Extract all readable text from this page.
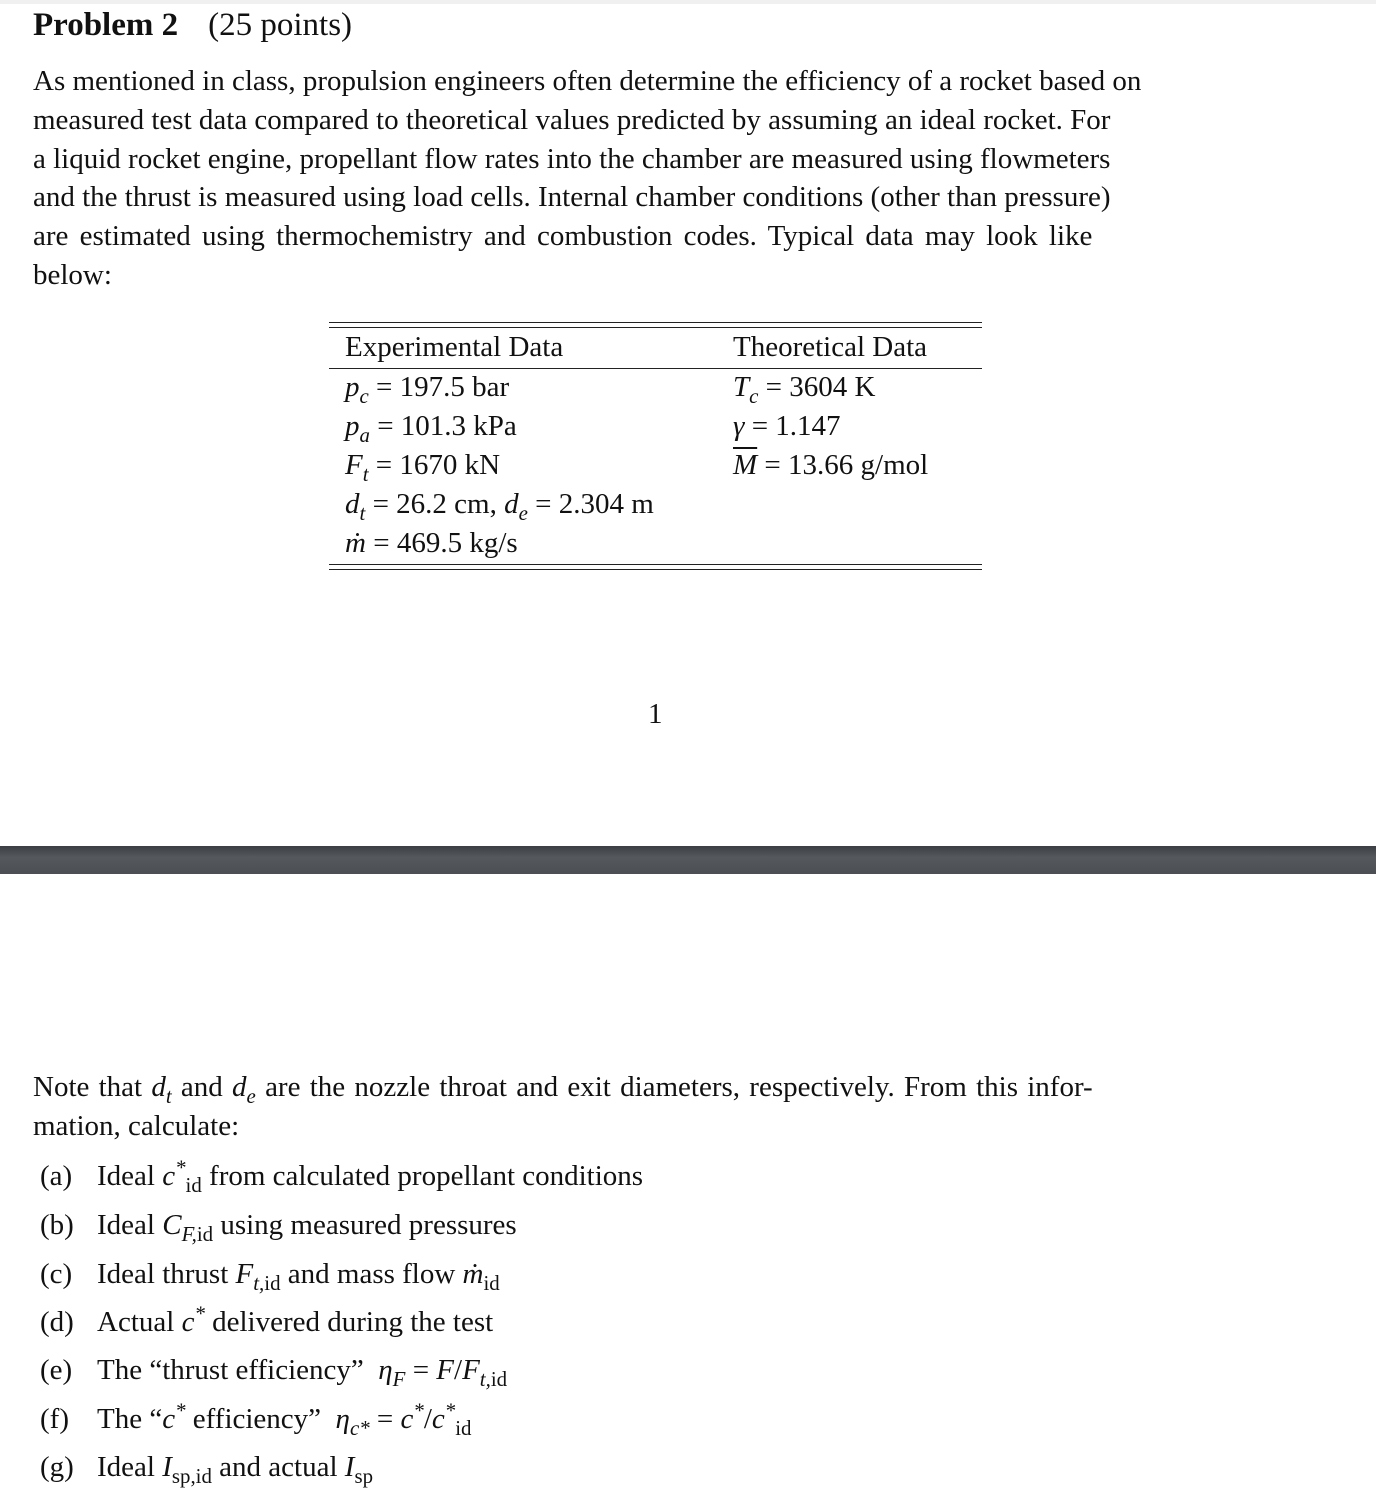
Problem 2 (25 points)
As mentioned in class, propulsion engineers often determine the efficiency of a rocket based on
measured test data compared to theoretical values predicted by assuming an ideal rocket. For
a liquid rocket engine, propellant flow rates into the chamber are measured using flowmeters
and the thrust is measured using load cells. Internal chamber conditions (other than pressure)
are estimated using thermochemistry and combustion codes. Typical data may look like
below:
Experimental Data	Theoretical Data
$p_c = 197.5$ bar
$p_a = 101.3$ kPa
$F_t = 1670$ kN
$d_t = 26.2$ cm, $d_e = 2.304$ m
ṁ = 469.5 kg/s
$T_c = 3604$ K
γ = 1.147
$\overline{M} = 13.66$ g/mol
1
Note that $d_t$ and $d_e$ are the nozzle throat and exit diameters, respectively. From this infor-
mation, calculate:
(a) Ideal $c^*_{id}$ from calculated propellant conditions
(b) Ideal $C_{F,id}$ using measured pressures
(c) Ideal thrust $F_{t,id}$ and mass flow $ṁ_{id}$
(d) Actual c* delivered during the test
(e) The “thrust efficiency” $\eta_F = F/F_{t,id}$
(f) The “c* efficiency” $\eta_{c*} = c^*/c^*_{id}$
(g) Ideal $I_{sp,id}$ and actual $I_{sp}$
